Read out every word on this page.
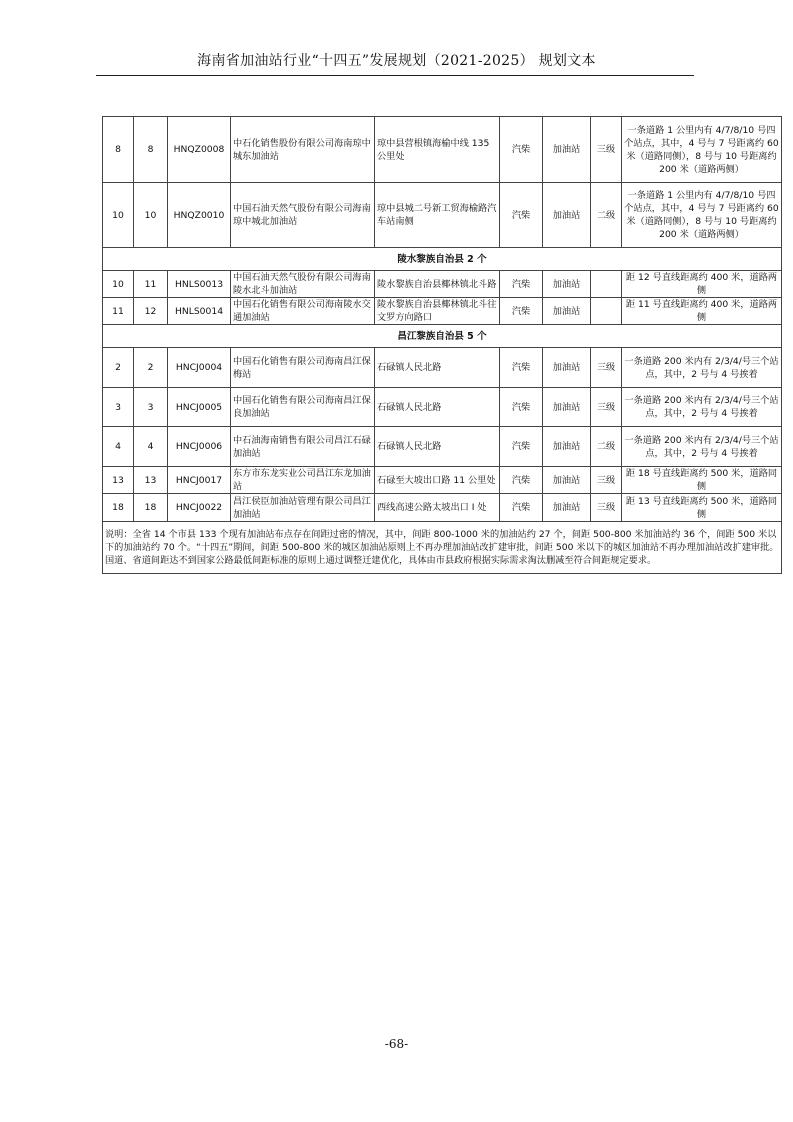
海南省加油站行业“十四五”发展规划（2021-2025） 规划文本
8	8	HNQZ0008	中石化销售股份有限公司海南琼中城东加油站	琼中县营根镇海榆中线 135 公里处	汽柴	加油站	三级	一条道路 1 公里内有 4/7/8/10 号四个站点，其中，4 号与 7 号距离约 60 米（道路同侧），8 号与 10 号距离约 200 米（道路两侧）
10	10	HNQZ0010	中国石油天然气股份有限公司海南琼中城北加油站	琼中县城二号新工贸海榆路汽车站南侧	汽柴	加油站	二级	一条道路 1 公里内有 4/7/8/10 号四个站点，其中，4 号与 7 号距离约 60 米（道路同侧），8 号与 10 号距离约 200 米（道路两侧）
陵水黎族自治县 2 个								
10	11	HNLS0013	中国石油天然气股份有限公司海南陵水北斗加油站	陵水黎族自治县椰林镇北斗路	汽柴	加油站		距 12 号直线距离约 400 米，道路两侧
11	12	HNLS0014	中国石化销售有限公司海南陵水交通加油站	陵水黎族自治县椰林镇北斗往文罗方向路口	汽柴	加油站		距 11 号直线距离约 400 米，道路两侧
昌江黎族自治县 5 个								
2	2	HNCJ0004	中国石化销售有限公司海南昌江保梅站	石碌镇人民北路	汽柴	加油站	三级	一条道路 200 米内有 2/3/4/号三个站点，其中，2 号与 4 号挨着
3	3	HNCJ0005	中国石化销售有限公司海南昌江保良加油站	石碌镇人民北路	汽柴	加油站	三级	一条道路 200 米内有 2/3/4/号三个站点，其中，2 号与 4 号挨着
4	4	HNCJ0006	中石油海南销售有限公司昌江石碌加油站	石碌镇人民北路	汽柴	加油站	二级	一条道路 200 米内有 2/3/4/号三个站点，其中，2 号与 4 号挨着
13	13	HNCJ0017	东方市东龙实业公司昌江东龙加油站	石碌至大坡出口路 11 公里处	汽柴	加油站	三级	距 18 号直线距离约 500 米，道路同侧
18	18	HNCJ0022	昌江侯臣加油站管理有限公司昌江加油站	西线高速公路太坡出口 I 处	汽柴	加油站	三级	距 13 号直线距离约 500 米，道路同侧
说明：全省 14 个市县 133 个现有加油站布点存在间距过密的情况，其中，间距 800-1000 米的加油站约 27 个，间距 500-800 米加油站约 36 个，间距 500 米以下的加油站约 70 个。“十四五”期间，间距 500-800 米的城区加油站原则上不再办理加油站改扩建审批，间距 500 米以下的城区加油站不再办理加油站改扩建审批。国道、省道间距达不到国家公路最低间距标准的原则上通过调整迁建优化，具体由市县政府根据实际需求淘汰删减至符合间距规定要求。								
-68-
